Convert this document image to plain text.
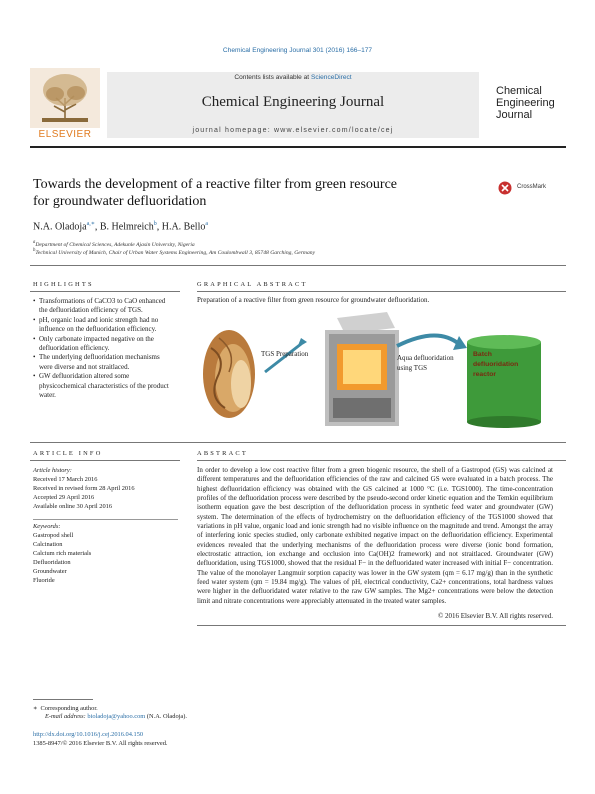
Chemical Engineering Journal 301 (2016) 166–177
ELSEVIER
Contents lists available at ScienceDirect
Chemical Engineering Journal
journal homepage: www.elsevier.com/locate/cej
Chemical
Engineering
Journal
Towards the development of a reactive filter from green resource
for groundwater defluoridation
CrossMark
N.A. Oladoja$^{a,∗}$, B. Helmreich$^b$, H.A. Bello$^a$
$^a$Department of Chemical Sciences, Adekunle Ajasin University, Nigeria
$^b$Technical University of Munich, Chair of Urban Water Systems Engineering, Am Coulombwall 3, 85748 Garching, Germany
HIGHLIGHTS	GRAPHICAL ABSTRACT
• Transformations of CaCO3 to CaO enhanced the defluoridation efficiency of TGS.
• pH, organic load and ionic strength had no influence on the defluoridation efficiency.
• Only carbonate impacted negative on the defluoridation efficiency.
• The underlying defluoridation mechanisms were diverse and not straitlaced.
• GW defluoridation altered some physicochemical characteristics of the product water.
Preparation of a reactive filter from green resource for groundwater defluoridation.
TGS Preparation	Aqua defluoridation
using TGS
Batch
defluoridation
reactor
ARTICLE INFO	ABSTRACT
Article history:
Received 17 March 2016
Received in revised form 28 April 2016
Accepted 29 April 2016
Available online 30 April 2016
Keywords:
Gastropod shell
Calcination
Calcium rich materials
Defluoridation
Groundwater
Fluoride
In order to develop a low cost reactive filter from a green biogenic resource, the shell of a Gastropod (GS) was calcined at different temperatures and the defluoridation efficiencies of the raw and calcined GS were evaluated in a batch process. The highest defluoridation efficiency was obtained with the GS calcined at 1000 °C (i.e. TGS1000). The time-concentration profiles of the defluoridation process were described by the pseudo-second order kinetic equation and the Temkin equilibrium isotherm equation gave the best description of the defluoridation process in synthetic feed water and groundwater (GW) system. The determination of the effects of hydrochemistry on the defluoridation efficiency of the TGS1000 showed that variations in pH value, organic load and ionic strength had no visible influence on the magnitude and trend. Amongst the array of interfering ionic species studied, only carbonate exhibited negative impact on the defluoridation efficiency. Experimental evidences revealed that the underlying mechanisms of the defluoridation process were diverse (ionic bond formation, electrostatic attraction, ion exchange and occlusion into Ca(OH)2 framework) and not straitlaced. Groundwater (GW) defluoridation, using TGS1000, showed that the residual F− in the defluoridated water increased with initial F− concentration. The value of the monolayer Langmuir sorption capacity was lower in the GW system (qm = 6.17 mg/g) than in the synthetic feed water system (qm = 19.84 mg/g). The values of pH, electrical conductivity, Ca2+ concentrations, total hardness values were higher in the defluoridated water relative to the raw GW samples. The Mg2+ concentrations were below the detection limit and nitrate concentrations were appreciably attenuated in the treated water samples.
© 2016 Elsevier B.V. All rights reserved.
∗ Corresponding author.
E-mail address: bioladoja@yahoo.com (N.A. Oladoja).
http://dx.doi.org/10.1016/j.cej.2016.04.150
1385-8947/© 2016 Elsevier B.V. All rights reserved.
